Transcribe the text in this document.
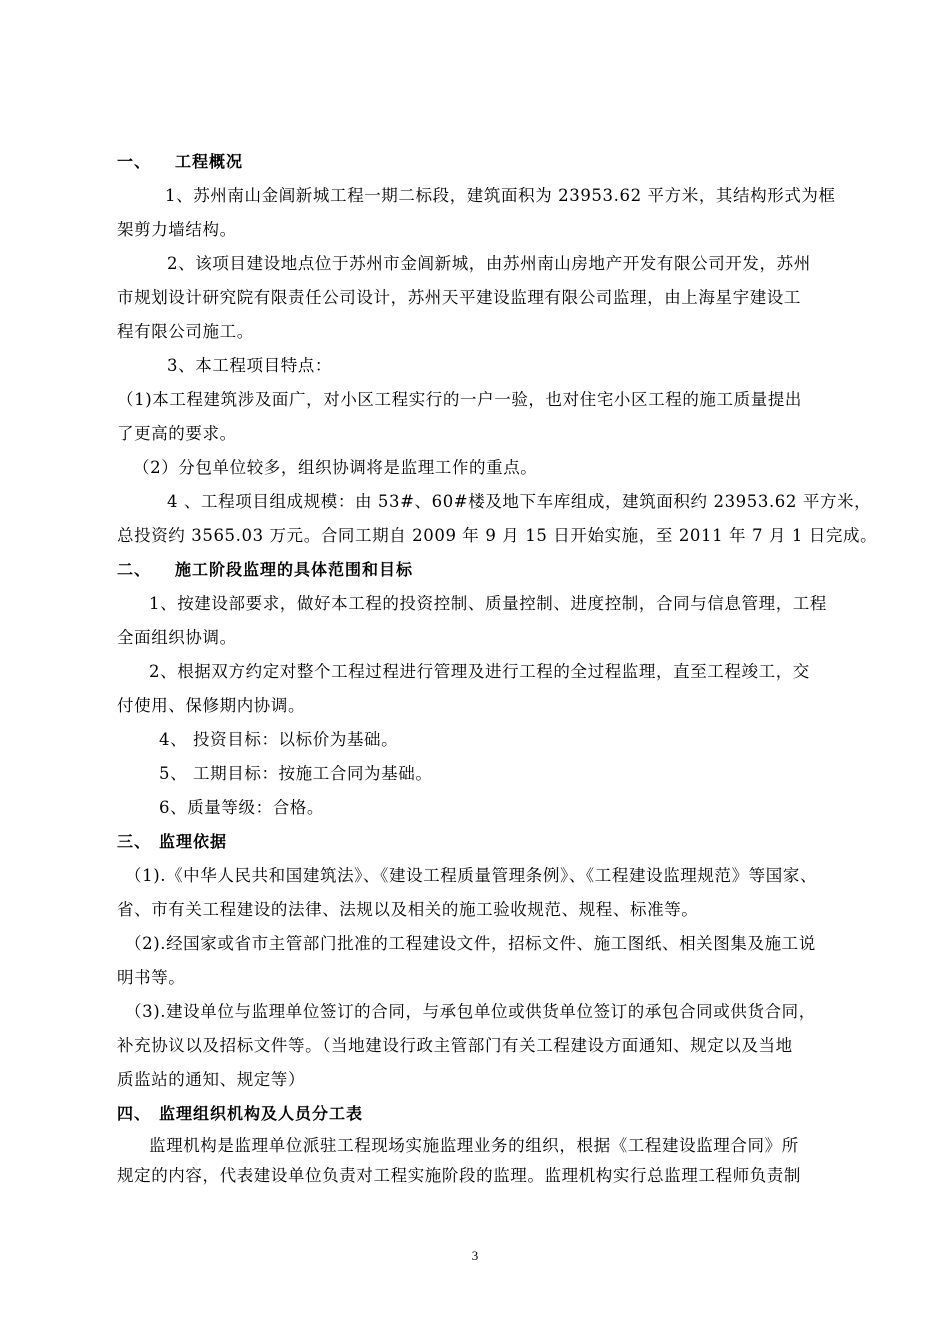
一、 工程概况
1、苏州南山金阊新城工程一期二标段，建筑面积为 23953.62 平方米，其结构形式为框
架剪力墙结构。
2、该项目建设地点位于苏州市金阊新城，由苏州南山房地产开发有限公司开发，苏州
市规划设计研究院有限责任公司设计，苏州天平建设监理有限公司监理，由上海星宇建设工
程有限公司施工。
3、本工程项目特点：
（1)本工程建筑涉及面广，对小区工程实行的一户一验，也对住宅小区工程的施工质量提出
了更高的要求。
（2）分包单位较多，组织协调将是监理工作的重点。
4 、工程项目组成规模：由 53#、60#楼及地下车库组成，建筑面积约 23953.62 平方米，
总投资约 3565.03 万元。合同工期自 2009 年 9 月 15 日开始实施，至 2011 年 7 月 1 日完成。
二、 施工阶段监理的具体范围和目标
1、按建设部要求，做好本工程的投资控制、质量控制、进度控制，合同与信息管理，工程
全面组织协调。
2、根据双方约定对整个工程过程进行管理及进行工程的全过程监理，直至工程竣工，交
付使用、保修期内协调。
4、 投资目标：以标价为基础。
5、 工期目标：按施工合同为基础。
6、质量等级：合格。
三、 监理依据
（1).《中华人民共和国建筑法》、《建设工程质量管理条例》、《工程建设监理规范》等国家、
省、市有关工程建设的法律、法规以及相关的施工验收规范、规程、标准等。
（2).经国家或省市主管部门批准的工程建设文件，招标文件、施工图纸、相关图集及施工说
明书等。
（3).建设单位与监理单位签订的合同，与承包单位或供货单位签订的承包合同或供货合同，
补充协议以及招标文件等。（当地建设行政主管部门有关工程建设方面通知、规定以及当地
质监站的通知、规定等）
四、 监理组织机构及人员分工表
监理机构是监理单位派驻工程现场实施监理业务的组织，根据《工程建设监理合同》所
规定的内容，代表建设单位负责对工程实施阶段的监理。监理机构实行总监理工程师负责制
3
